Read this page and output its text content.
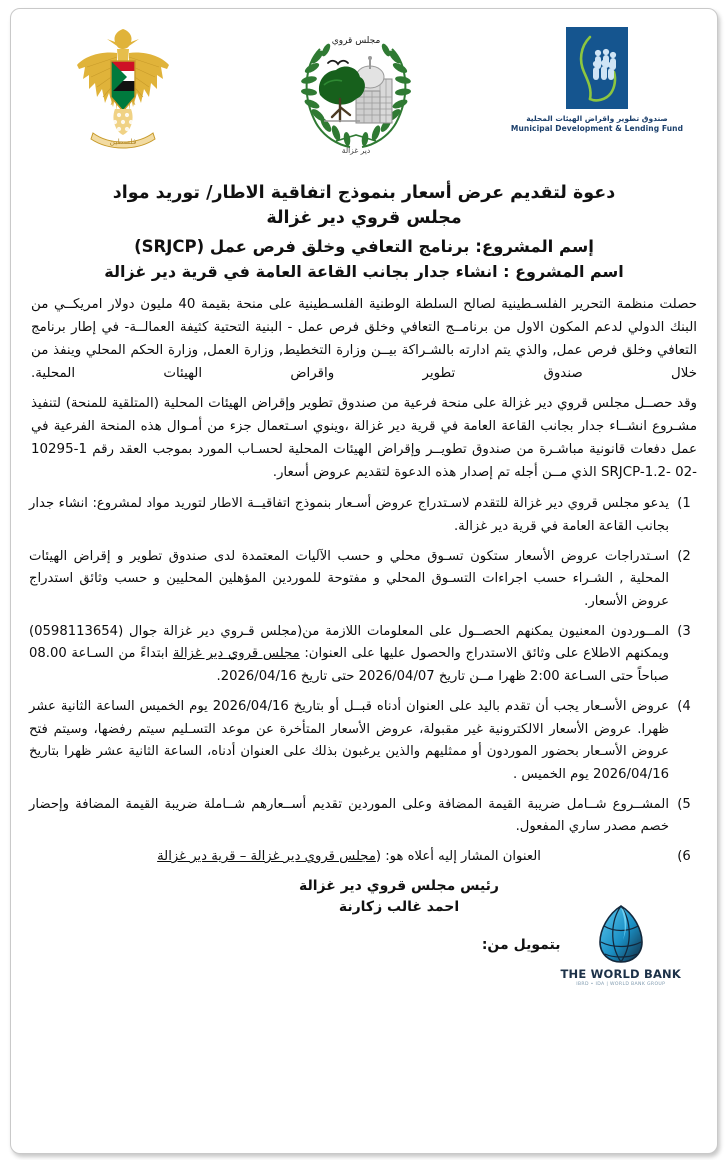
صندوق تطوير واقراض الهيئات المحلية
Municipal Development & Lending Fund
مجلس قروي
دير غزالة
فلسطين
دعوة لتقديم عرض أسعار بنموذج اتفاقية الاطار/ توريد مواد
مجلس قروي دير غزالة
إسم المشروع: برنامج التعافي وخلق فرص عمل (SRJCP)
اسم المشروع : انشاء جدار بجانب القاعة العامة في قرية دير غزالة

حصلت منظمة التحرير الفلسـطينية لصالح السلطة الوطنية الفلسـطينية على منحة بقيمة 40 مليون دولار امريكــي من البنك الدولي لدعم المكون الاول من برنامــج التعافي وخلق فرص عمل - البنية التحتية كثيفة العمالــة- في إطار برنامج التعافي وخلق فرص عمل, والذي يتم ادارته بالشـراكة بيــن وزارة التخطيط, وزارة العمل, وزارة الحكم المحلي وينفذ من خلال صندوق تطوير واقراض الهيئات المحلية.

وقد حصــل مجلس قروي دير غزالة على منحة فرعية من صندوق تطوير وإقراض الهيئات المحلية (المتلقية للمنحة) لتنفيذ مشـروع انشــاء جدار بجانب القاعة العامة في قرية دير غزالة ،وينوي اسـتعمال جزء من أمـوال هذه المنحة الفرعية في عمل دفعات قانونية مباشـرة من صندوق تطويــر وإقراض الهيئات المحلية لحسـاب المورد بموجب العقد رقم 1-10295 -02 -SRJCP-1.2 الذي مــن أجله تم إصدار هذه الدعوة لتقديم عروض أسعار.

1)
يدعو مجلس قروي دير غزالة للتقدم لاسـتدراج عروض أسـعار بنموذج اتفاقيــة الاطار لتوريد مواد لمشروع: انشاء جدار بجانب القاعة العامة في قرية دير غزالة.
2)
اسـتدراجات عروض الأسعار ستكون تسـوق محلي و حسب الآليات المعتمدة لدى صندوق تطوير و إقراض الهيئات المحلية , الشـراء حسب اجراءات التسـوق المحلي و مفتوحة للموردين المؤهلين المحليين و حسب وثائق استدراج عروض الأسعار.
3)
المــوردون المعنيون يمكنهم الحصــول على المعلومات اللازمة من(مجلس قـروي دير غزالة جوال (0598113654) ويمكنهم الاطلاع على وثائق الاستدراج والحصول عليها على العنوان: مجلس قروي دير غزالة ابتداءً من السـاعة 08.00 صباحاً حتى السـاعة 2:00 ظهرا مــن تاريخ 2026/04/07 حتى تاريخ 2026/04/16.
4)
عروض الأسـعار يجب أن تقدم باليد على العنوان أدناه قبــل أو بتاريخ 2026/04/16 يوم الخميس الساعة الثانية عشر ظهرا. عروض الأسعار الالكترونية غير مقبولة، عروض الأسعار المتأخرة عن موعد التسـليم سيتم رفضها، وسيتم فتح عروض الأسـعار بحضور الموردون أو ممثليهم والذين يرغبون بذلك على العنوان أدناه، الساعة الثانية عشر ظهرا بتاريخ 2026/04/16 يوم الخميس .
5)
المشــروع شــامل ضريبة القيمة المضافة وعلى الموردين تقديم أســعارهم شــاملة ضريبة القيمة المضافة وإحضار خصم مصدر ساري المفعول.
6)
العنوان المشار إليه أعلاه هو: (مجلس قروي دير غزالة – قرية دير غزالة
رئيس مجلس قروي دير غزالة
احمد غالب زكارنة
THE WORLD BANK
IBRD • IDA | WORLD BANK GROUP
بتمويل من:
